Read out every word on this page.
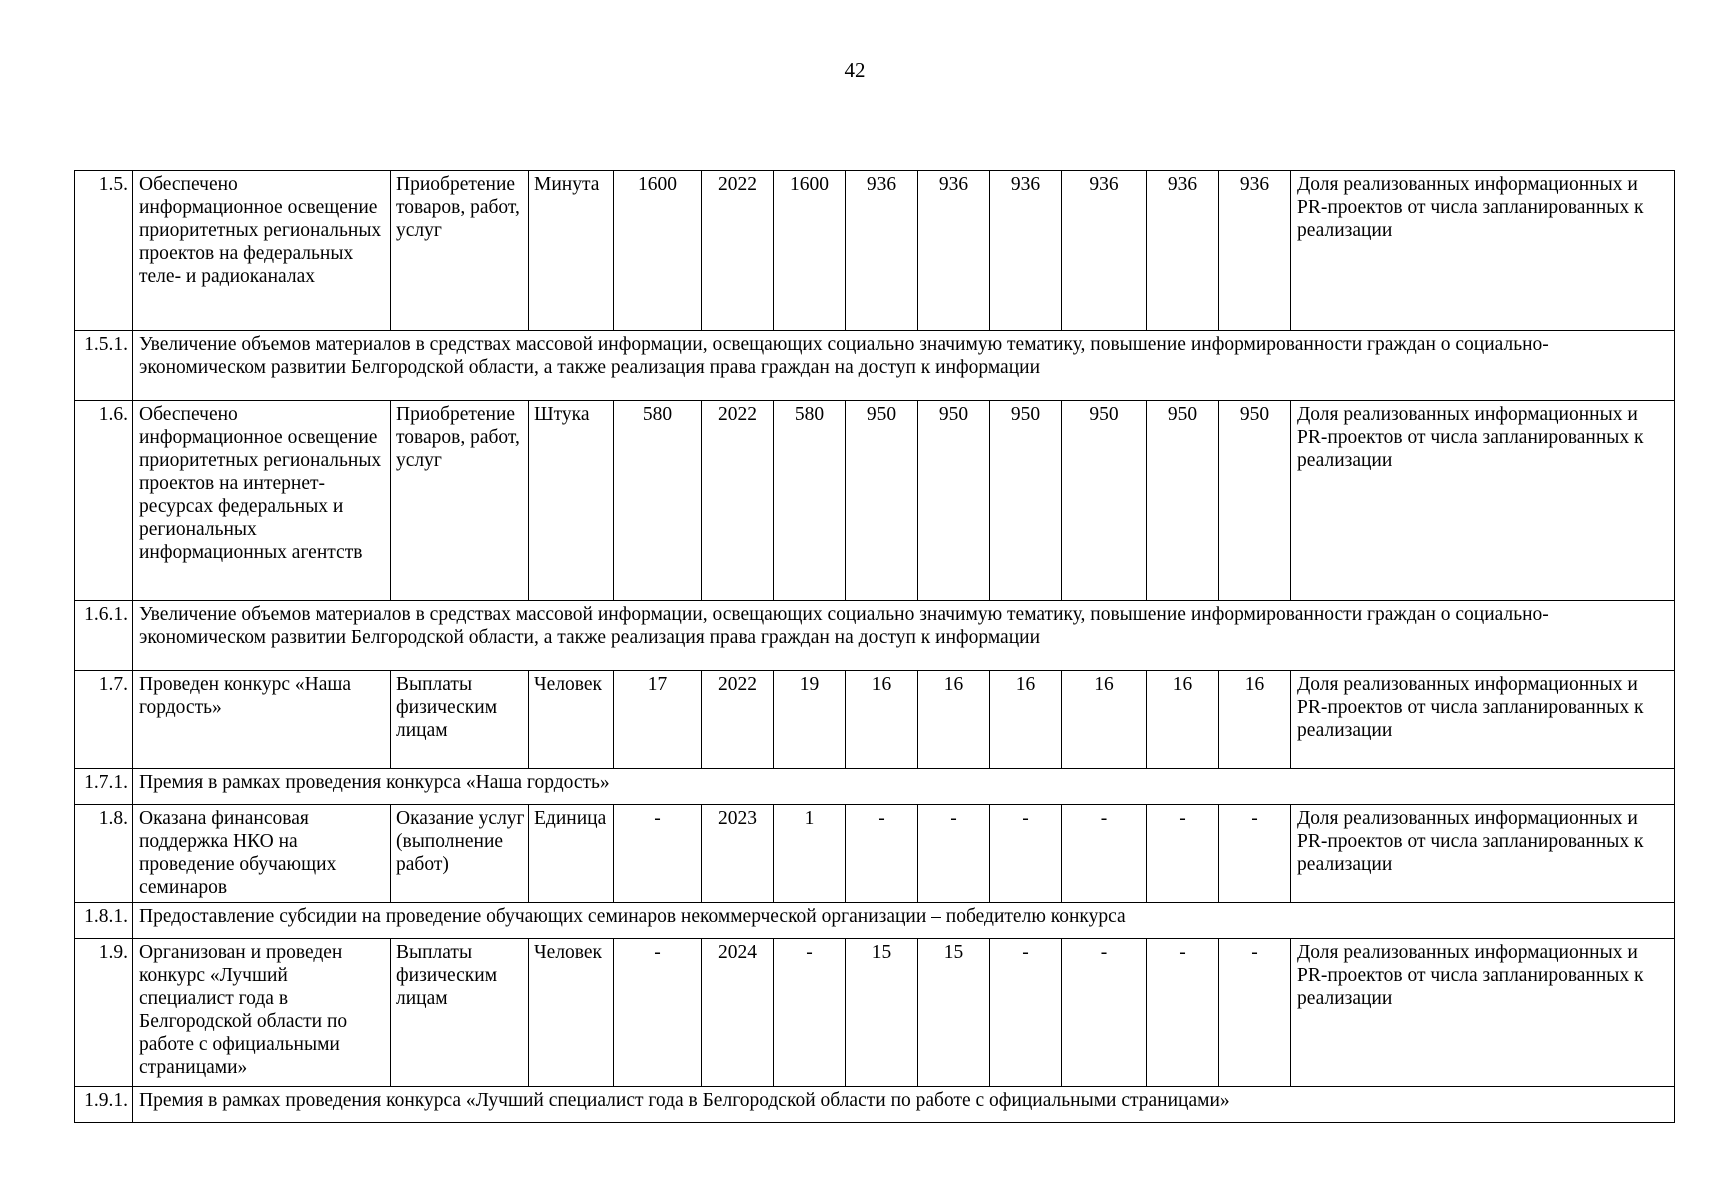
42
1.5.	Обеспечено информационное освещение приоритетных региональных проектов на федеральных теле- и радиоканалах	Приобретение товаров, работ, услуг	Минута	1600	2022	1600	936	936	936	936	936	936	Доля реализованных информационных и PR-проектов от числа запланированных к реализации
1.5.1.	Увеличение объемов материалов в средствах массовой информации, освещающих социально значимую тематику, повышение информированности граждан о социально-экономическом развитии Белгородской области, а также реализация права граждан на доступ к информации												
1.6.	Обеспечено информационное освещение приоритетных региональных проектов на интернет-ресурсах федеральных и региональных информационных агентств	Приобретение товаров, работ, услуг	Штука	580	2022	580	950	950	950	950	950	950	Доля реализованных информационных и PR-проектов от числа запланированных к реализации
1.6.1.	Увеличение объемов материалов в средствах массовой информации, освещающих социально значимую тематику, повышение информированности граждан о социально-экономическом развитии Белгородской области, а также реализация права граждан на доступ к информации												
1.7.	Проведен конкурс «Наша гордость»	Выплаты физическим лицам	Человек	17	2022	19	16	16	16	16	16	16	Доля реализованных информационных и PR-проектов от числа запланированных к реализации
1.7.1.	Премия в рамках проведения конкурса «Наша гордость»												
1.8.	Оказана финансовая поддержка НКО на проведение обучающих семинаров	Оказание услуг (выполнение работ)	Единица	-	2023	1	-	-	-	-	-	-	Доля реализованных информационных и PR-проектов от числа запланированных к реализации
1.8.1.	Предоставление субсидии на проведение обучающих семинаров некоммерческой организации – победителю конкурса												
1.9.	Организован и проведен конкурс «Лучший специалист года в Белгородской области по работе с официальными страницами»	Выплаты физическим лицам	Человек	-	2024	-	15	15	-	-	-	-	Доля реализованных информационных и PR-проектов от числа запланированных к реализации
1.9.1.	Премия в рамках проведения конкурса «Лучший специалист года в Белгородской области по работе с официальными страницами»												
